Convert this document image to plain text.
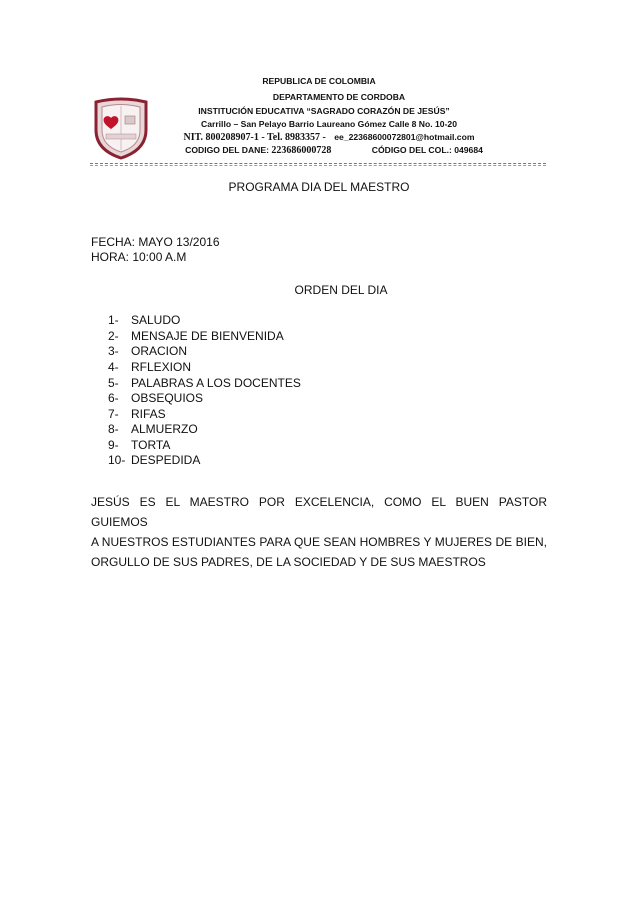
REPUBLICA DE COLOMBIA
DEPARTAMENTO DE CORDOBA
INSTITUCIÓN EDUCATIVA “SAGRADO CORAZÓN DE JESÚS”
Carrillo – San Pelayo Barrio Laureano Gómez Calle 8 No. 10-20
NIT. 800208907-1 - Tel. 8983357 - ee_22368600072801@hotmail.com
CODIGO DEL DANE: 223686000728	CÓDIGO DEL COL.: 049684
PROGRAMA DIA DEL MAESTRO
FECHA: MAYO 13/2016
HORA: 10:00 A.M
ORDEN DEL DIA
1- SALUDO
2- MENSAJE DE BIENVENIDA
3- ORACION
4- RFLEXION
5- PALABRAS A LOS DOCENTES
6- OBSEQUIOS
7- RIFAS
8- ALMUERZO
9- TORTA
10- DESPEDIDA
JESÚS ES EL MAESTRO POR EXCELENCIA, COMO EL BUEN PASTOR GUIEMOS
A NUESTROS ESTUDIANTES PARA QUE SEAN HOMBRES Y MUJERES DE BIEN,
ORGULLO DE SUS PADRES, DE LA SOCIEDAD Y DE SUS MAESTROS
